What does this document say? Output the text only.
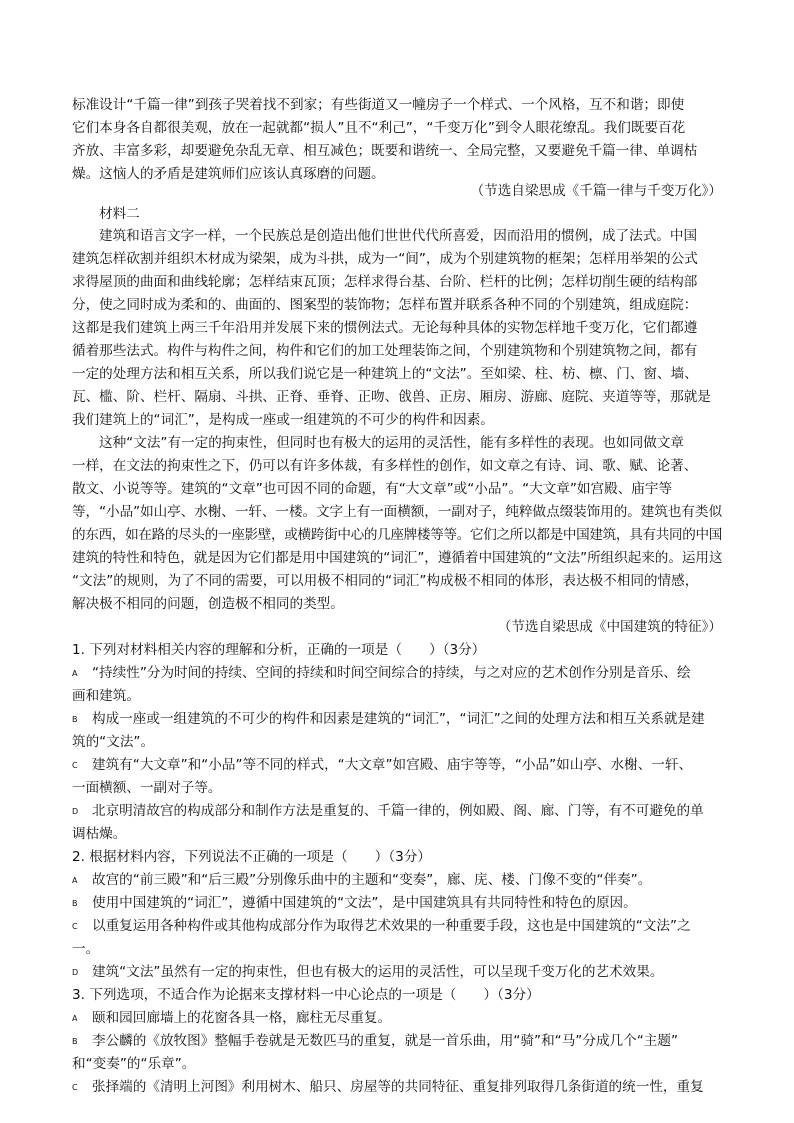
标准设计“千篇一律”到孩子哭着找不到家；有些街道又一幢房子一个样式、一个风格，互不和谐；即使
它们本身各自都很美观，放在一起就都“损人”且不“利己”，“千变万化”到令人眼花缭乱。我们既要百花
齐放、丰富多彩，却要避免杂乱无章、相互减色；既要和谐统一、全局完整，又要避免千篇一律、单调枯
燥。这恼人的矛盾是建筑师们应该认真琢磨的问题。
（节选自梁思成《千篇一律与千变万化》）
材料二
建筑和语言文字一样，一个民族总是创造出他们世世代代所喜爱，因而沿用的惯例，成了法式。中国
建筑怎样砍割并组织木材成为梁架，成为斗拱，成为一“间”，成为个别建筑物的框架；怎样用举架的公式
求得屋顶的曲面和曲线轮廓；怎样结束瓦顶；怎样求得台基、台阶、栏杆的比例；怎样切削生硬的结构部
分，使之同时成为柔和的、曲面的、图案型的装饰物；怎样布置并联系各种不同的个别建筑，组成庭院：
这都是我们建筑上两三千年沿用并发展下来的惯例法式。无论每种具体的实物怎样地千变万化，它们都遵
循着那些法式。构件与构件之间，构件和它们的加工处理装饰之间，个别建筑物和个别建筑物之间，都有
一定的处理方法和相互关系，所以我们说它是一种建筑上的“文法”。至如梁、柱、枋、檩、门、窗、墙、
瓦、槛、阶、栏杆、隔扇、斗拱、正脊、垂脊、正吻、戗兽、正房、厢房、游廊、庭院、夹道等等，那就是
我们建筑上的“词汇”，是构成一座或一组建筑的不可少的构件和因素。
这种“文法”有一定的拘束性，但同时也有极大的运用的灵活性，能有多样性的表现。也如同做文章
一样，在文法的拘束性之下，仍可以有许多体裁，有多样性的创作，如文章之有诗、词、歌、赋、论著、
散文、小说等等。建筑的“文章”也可因不同的命题，有“大文章”或“小品”。“大文章”如宫殿、庙宇等
等，“小品”如山亭、水榭、一轩、一楼。文字上有一面横额，一副对子，纯粹做点缀装饰用的。建筑也有类似
的东西，如在路的尽头的一座影壁，或横跨街中心的几座牌楼等等。它们之所以都是中国建筑，具有共同的中国
建筑的特性和特色，就是因为它们都是用中国建筑的“词汇”，遵循着中国建筑的“文法”所组织起来的。运用这
“文法”的规则，为了不同的需要，可以用极不相同的“词汇”构成极不相同的体形，表达极不相同的情感，
解决极不相同的问题，创造极不相同的类型。
（节选自梁思成《中国建筑的特征》）
1. 下列对材料相关内容的理解和分析，正确的一项是（　　）（3分）
A “持续性”分为时间的持续、空间的持续和时间空间综合的持续，与之对应的艺术创作分别是音乐、绘
画和建筑。
B 构成一座或一组建筑的不可少的构件和因素是建筑的“词汇”，“词汇”之间的处理方法和相互关系就是建
筑的“文法”。
C 建筑有“大文章”和“小品”等不同的样式，“大文章”如宫殿、庙宇等等，“小品”如山亭、水榭、一轩、
一面横额、一副对子等。
D 北京明清故宫的构成部分和制作方法是重复的、千篇一律的，例如殿、阁、廊、门等，有不可避免的单
调枯燥。
2. 根据材料内容，下列说法不正确的一项是（　　）（3分）
A 故宫的“前三殿”和“后三殿”分别像乐曲中的主题和“变奏”，廊、庑、楼、门像不变的“伴奏”。
B 使用中国建筑的“词汇”，遵循中国建筑的“文法”，是中国建筑具有共同特性和特色的原因。
C 以重复运用各种构件或其他构成部分作为取得艺术效果的一种重要手段，这也是中国建筑的“文法”之
一。
D 建筑“文法”虽然有一定的拘束性，但也有极大的运用的灵活性，可以呈现千变万化的艺术效果。
3. 下列选项，不适合作为论据来支撑材料一中心论点的一项是（　　）（3分）
A 颐和园回廊墙上的花窗各具一格，廊柱无尽重复。
B 李公麟的《放牧图》整幅手卷就是无数匹马的重复，就是一首乐曲，用“骑”和“马”分成几个“主题”
和“变奏”的“乐章”。
C 张择端的《清明上河图》利用树木、船只、房屋等的共同特征、重复排列取得几条街道的统一性，重复
